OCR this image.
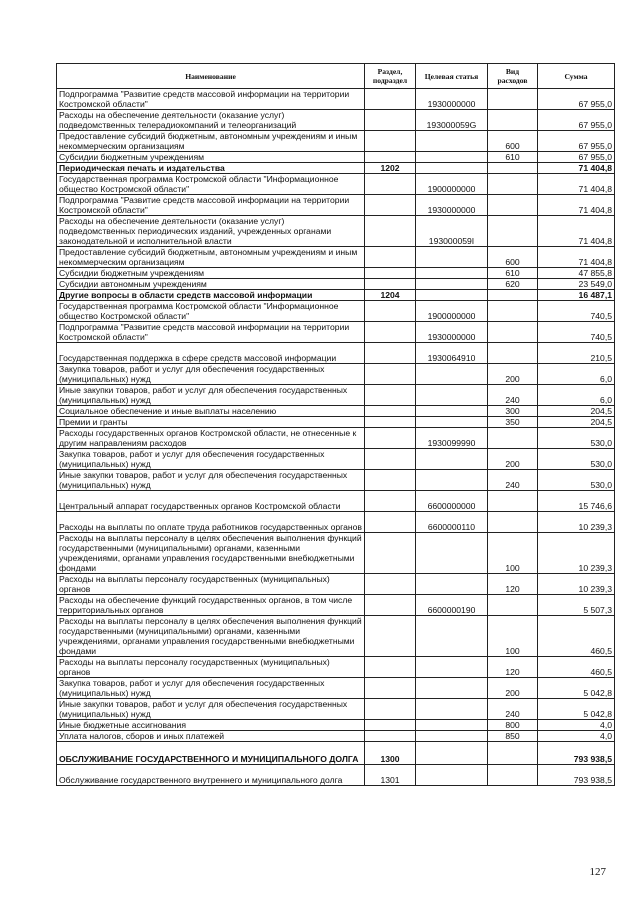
Наименование	Раздел, подраздел	Целевая статья	Вид расходов	Сумма
Подпрограмма "Развитие средств массовой информации на территории Костромской области"		1930000000		67 955,0
Расходы на обеспечение деятельности (оказание услуг) подведомственных телерадиокомпаний и телеорганизаций		193000059G		67 955,0
Предоставление субсидий бюджетным, автономным учреждениям и иным некоммерческим организациям			600	67 955,0
Субсидии бюджетным учреждениям			610	67 955,0
Периодическая печать и издательства	1202			71 404,8
Государственная программа Костромской области "Информационное общество Костромской области"		1900000000		71 404,8
Подпрограмма "Развитие средств массовой информации на территории Костромской области"		1930000000		71 404,8
Расходы на обеспечение деятельности (оказание услуг) подведомственных периодических изданий, учрежденных органами законодательной и исполнительной власти		193000059I		71 404,8
Предоставление субсидий бюджетным, автономным учреждениям и иным некоммерческим организациям			600	71 404,8
Субсидии бюджетным учреждениям			610	47 855,8
Субсидии автономным учреждениям			620	23 549,0
Другие вопросы в области средств массовой информации	1204			16 487,1
Государственная программа Костромской области "Информационное общество Костромской области"		1900000000		740,5
Подпрограмма "Развитие средств массовой информации на территории Костромской области"		1930000000		740,5
Государственная поддержка в сфере средств массовой информации		1930064910		210,5
Закупка товаров, работ и услуг для обеспечения государственных (муниципальных) нужд			200	6,0
Иные закупки товаров, работ и услуг для обеспечения государственных (муниципальных) нужд			240	6,0
Социальное обеспечение и иные выплаты населению			300	204,5
Премии и гранты			350	204,5
Расходы государственных органов Костромской области, не отнесенные к другим направлениям расходов		1930099990		530,0
Закупка товаров, работ и услуг для обеспечения государственных (муниципальных) нужд			200	530,0
Иные закупки товаров, работ и услуг для обеспечения государственных (муниципальных) нужд			240	530,0
Центральный аппарат государственных органов Костромской области		6600000000		15 746,6
Расходы на выплаты по оплате труда работников государственных органов		6600000110		10 239,3
Расходы на выплаты персоналу в целях обеспечения выполнения функций государственными (муниципальными) органами, казенными учреждениями, органами управления государственными внебюджетными фондами			100	10 239,3
Расходы на выплаты персоналу государственных (муниципальных) органов			120	10 239,3
Расходы на обеспечение функций государственных органов, в том числе территориальных органов		6600000190		5 507,3
Расходы на выплаты персоналу в целях обеспечения выполнения функций государственными (муниципальными) органами, казенными учреждениями, органами управления государственными внебюджетными фондами			100	460,5
Расходы на выплаты персоналу государственных (муниципальных) органов			120	460,5
Закупка товаров, работ и услуг для обеспечения государственных (муниципальных) нужд			200	5 042,8
Иные закупки товаров, работ и услуг для обеспечения государственных (муниципальных) нужд			240	5 042,8
Иные бюджетные ассигнования			800	4,0
Уплата налогов, сборов и иных платежей			850	4,0
ОБСЛУЖИВАНИЕ ГОСУДАРСТВЕННОГО И МУНИЦИПАЛЬНОГО ДОЛГА	1300			793 938,5
Обслуживание государственного внутреннего и муниципального долга	1301			793 938,5
127
